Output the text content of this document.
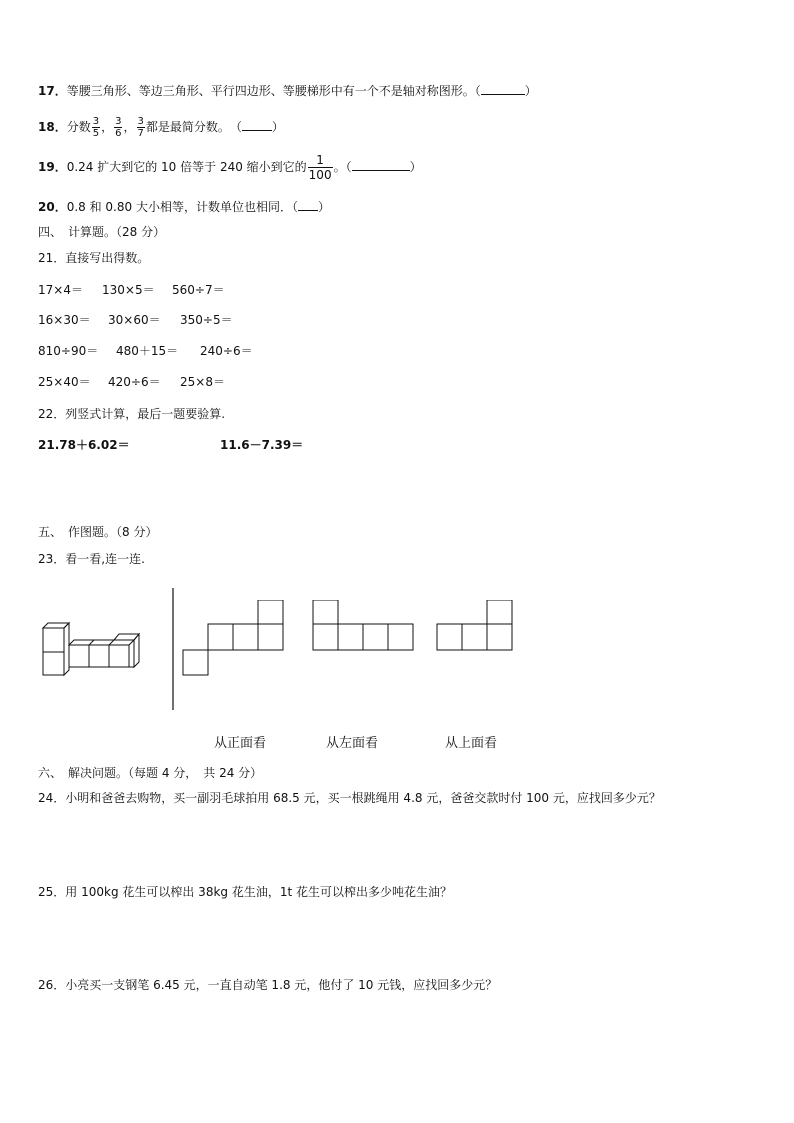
17．等腰三角形、等边三角形、平行四边形、等腰梯形中有一个不是轴对称图形。（	）
18．分数 $\frac{3}{5}$ ， $\frac{3}{6}$ ， $\frac{3}{7}$ 都是最简分数。　（	）
19．0.24 扩大到它的 10 倍等于 240 缩小到它的 $\frac{1}{100}$ 。（	）
20．0.8 和 0.80 大小相等，计数单位也相同．（ ）
四、　计算题。（28 分）
21．直接写出得数。
17×4＝ 130×5＝ 560÷7＝
16×30＝ 30×60＝ 350÷5＝
810÷90＝ 480＋15＝ 240÷6＝
25×40＝ 420÷6＝ 25×8＝
22．列竖式计算，最后一题要验算.
21.78＋6.02＝	11.6－7.39＝
五、　作图题。（8 分）
23．看一看,连一连.
从正面看	从左面看	从上面看
六、　解决问题。（每题 4 分，　共 24 分）
24．小明和爸爸去购物，买一副羽毛球拍用 68.5 元，买一根跳绳用 4.8 元，爸爸交款时付 100 元，应找回多少元？
25．用 100kg 花生可以榨出 38kg 花生油，1t 花生可以榨出多少吨花生油？
26．小亮买一支钢笔 6.45 元，一直自动笔 1.8 元，他付了 10 元钱，应找回多少元？
